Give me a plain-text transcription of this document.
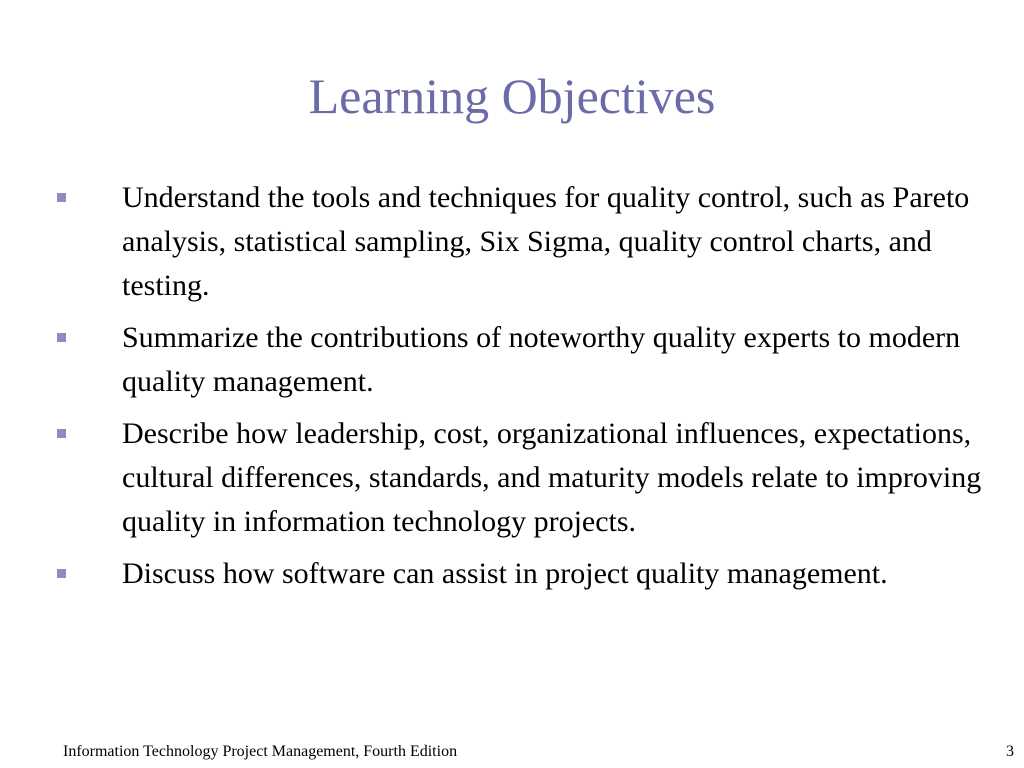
Learning Objectives
Understand the tools and techniques for quality control, such as Pareto analysis, statistical sampling, Six Sigma, quality control charts, and testing.
Summarize the contributions of noteworthy quality experts to modern quality management.
Describe how leadership, cost, organizational influences, expectations, cultural differences, standards, and maturity models relate to improving quality in information technology projects.
Discuss how software can assist in project quality management.
Information Technology Project Management, Fourth Edition	3
